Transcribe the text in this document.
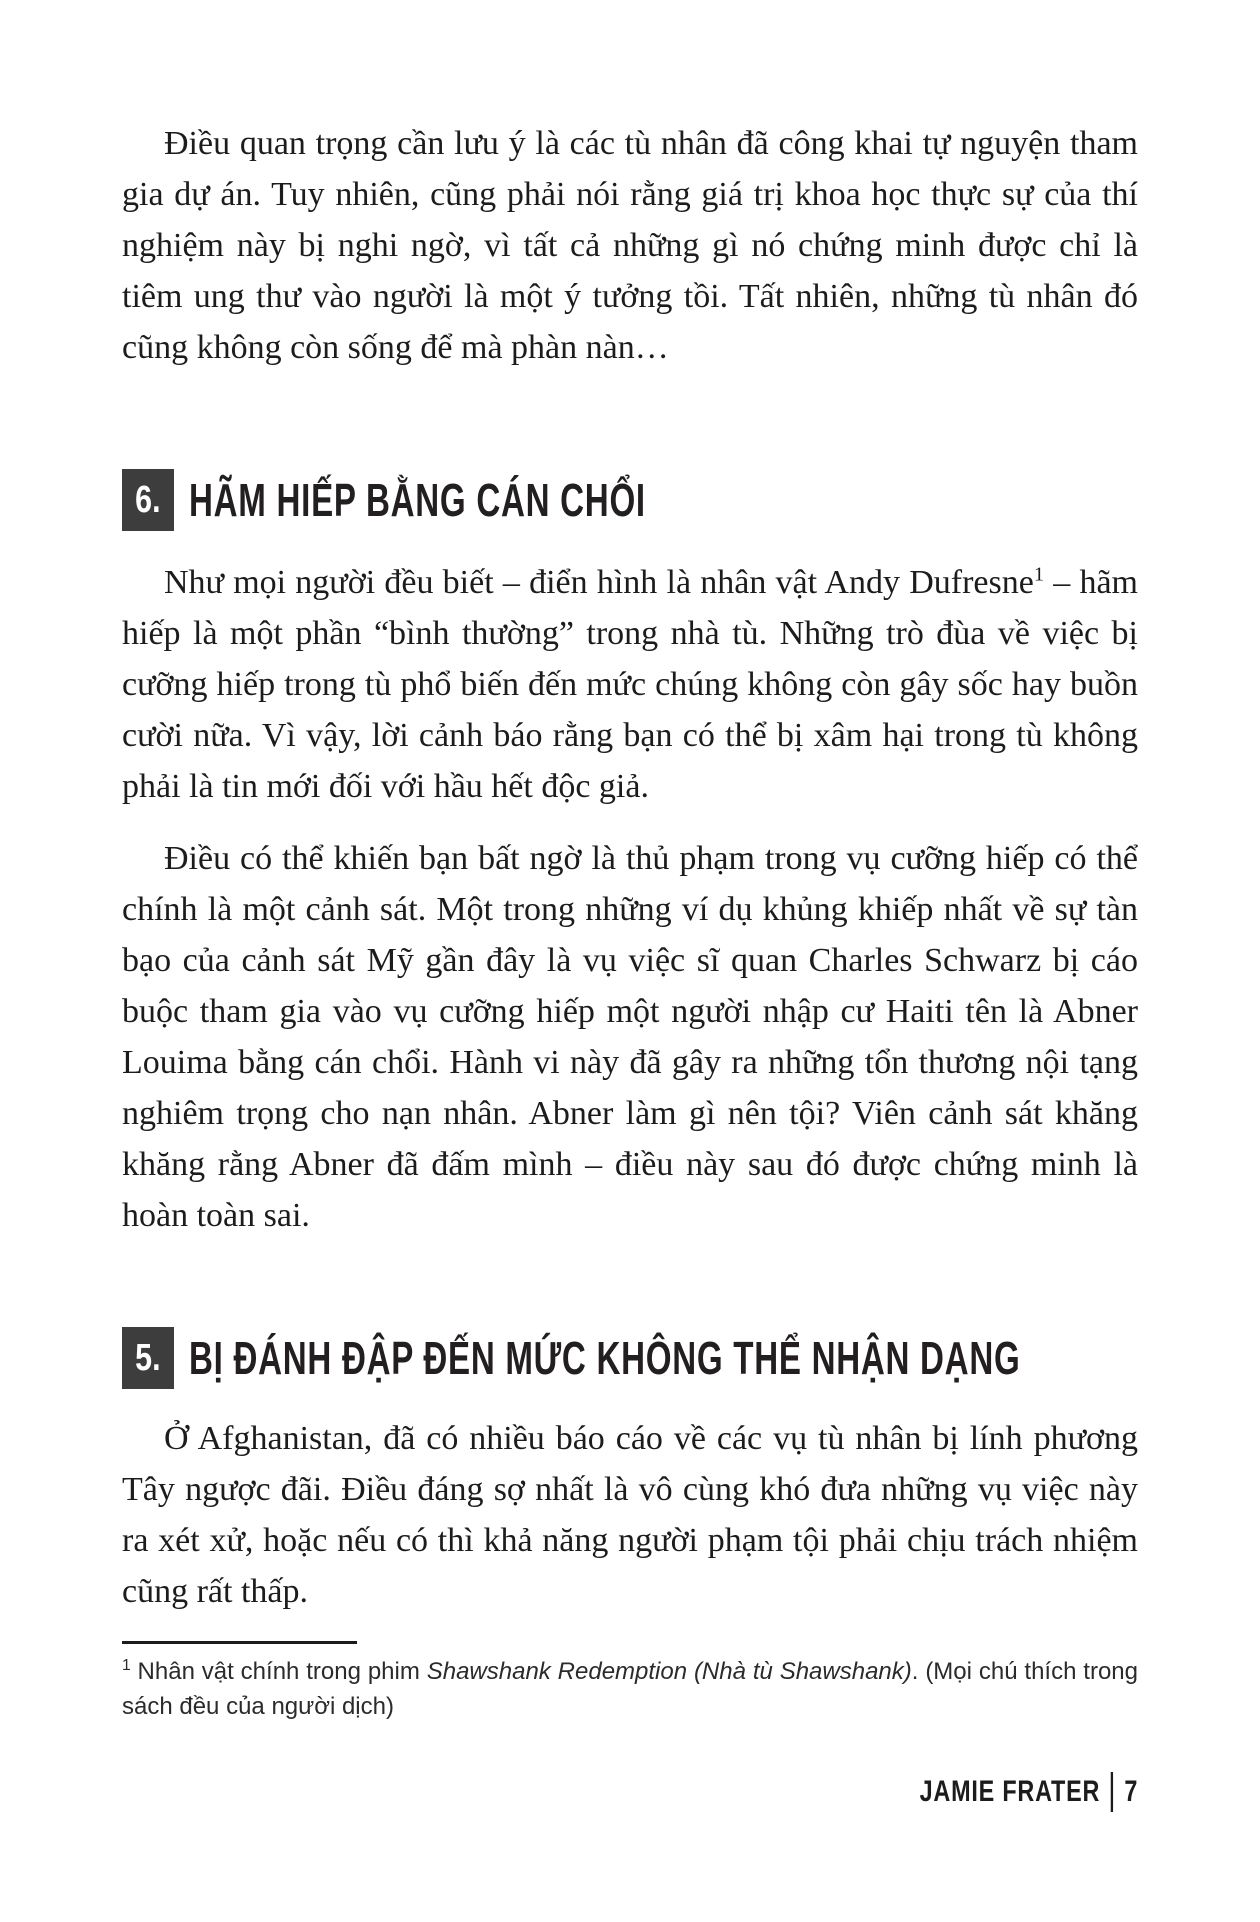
Điều quan trọng cần lưu ý là các tù nhân đã công khai tự nguyện tham gia dự án. Tuy nhiên, cũng phải nói rằng giá trị khoa học thực sự của thí nghiệm này bị nghi ngờ, vì tất cả những gì nó chứng minh được chỉ là tiêm ung thư vào người là một ý tưởng tồi. Tất nhiên, những tù nhân đó cũng không còn sống để mà phàn nàn…

6. HÃM HIẾP BẰNG CÁN CHỔI

Như mọi người đều biết – điển hình là nhân vật Andy Dufresne$^1$ – hãm hiếp là một phần “bình thường” trong nhà tù. Những trò đùa về việc bị cưỡng hiếp trong tù phổ biến đến mức chúng không còn gây sốc hay buồn cười nữa. Vì vậy, lời cảnh báo rằng bạn có thể bị xâm hại trong tù không phải là tin mới đối với hầu hết độc giả.

Điều có thể khiến bạn bất ngờ là thủ phạm trong vụ cưỡng hiếp có thể chính là một cảnh sát. Một trong những ví dụ khủng khiếp nhất về sự tàn bạo của cảnh sát Mỹ gần đây là vụ việc sĩ quan Charles Schwarz bị cáo buộc tham gia vào vụ cưỡng hiếp một người nhập cư Haiti tên là Abner Louima bằng cán chổi. Hành vi này đã gây ra những tổn thương nội tạng nghiêm trọng cho nạn nhân. Abner làm gì nên tội? Viên cảnh sát khăng khăng rằng Abner đã đấm mình – điều này sau đó được chứng minh là hoàn toàn sai.

5. BỊ ĐÁNH ĐẬP ĐẾN MỨC KHÔNG THỂ NHẬN DẠNG

Ở Afghanistan, đã có nhiều báo cáo về các vụ tù nhân bị lính phương Tây ngược đãi. Điều đáng sợ nhất là vô cùng khó đưa những vụ việc này ra xét xử, hoặc nếu có thì khả năng người phạm tội phải chịu trách nhiệm cũng rất thấp.

$^1$ Nhân vật chính trong phim Shawshank Redemption (Nhà tù Shawshank). (Mọi chú thích trong sách đều của người dịch)

JAMIE FRATER 7
